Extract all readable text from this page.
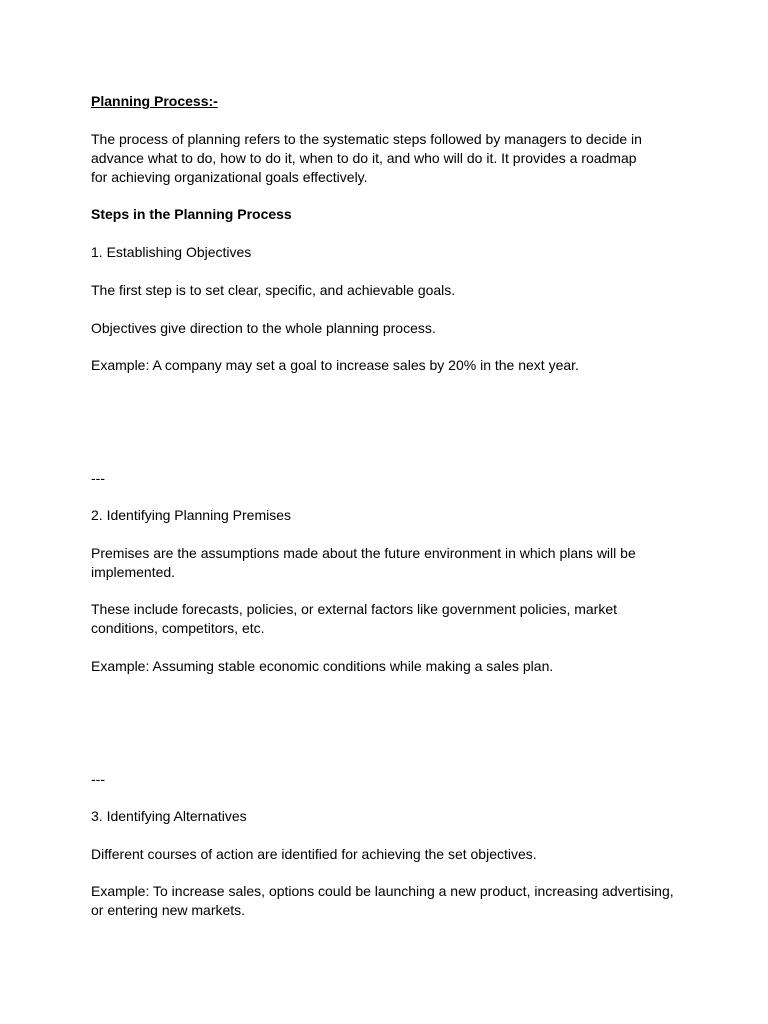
Planning Process:-

The process of planning refers to the systematic steps followed by managers to decide in advance what to do, how to do it, when to do it, and who will do it. It provides a roadmap for achieving organizational goals effectively.

Steps in the Planning Process

1. Establishing Objectives

The first step is to set clear, specific, and achievable goals.

Objectives give direction to the whole planning process.

Example: A company may set a goal to increase sales by 20% in the next year.

---

2. Identifying Planning Premises

Premises are the assumptions made about the future environment in which plans will be implemented.

These include forecasts, policies, or external factors like government policies, market conditions, competitors, etc.

Example: Assuming stable economic conditions while making a sales plan.

---

3. Identifying Alternatives

Different courses of action are identified for achieving the set objectives.

Example: To increase sales, options could be launching a new product, increasing advertising, or entering new markets.
